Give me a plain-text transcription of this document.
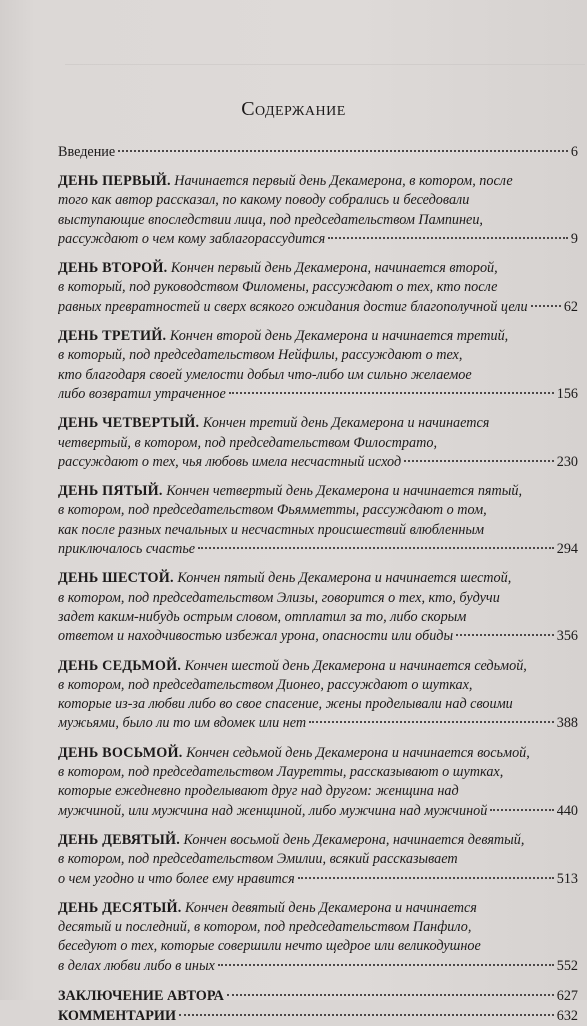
Содержание
Введение	6
ДЕНЬ ПЕРВЫЙ. Начинается первый день Декамерона, в котором, после
того как автор рассказал, по какому поводу собрались и беседовали
выступающие впоследствии лица, под председательством Пампинеи,
рассуждают о чем кому заблагорассудится	9
ДЕНЬ ВТОРОЙ. Кончен первый день Декамерона, начинается второй,
в который, под руководством Филомены, рассуждают о тех, кто после
равных превратностей и сверх всякого ожидания достиг благополучной цели	62
ДЕНЬ ТРЕТИЙ. Кончен второй день Декамерона и начинается третий,
в который, под председательством Нейфилы, рассуждают о тех,
кто благодаря своей умелости добыл что-либо им сильно желаемое
либо возвратил утраченное	156
ДЕНЬ ЧЕТВЕРТЫЙ. Кончен третий день Декамерона и начинается
четвертый, в котором, под председательством Филострато,
рассуждают о тех, чья любовь имела несчастный исход	230
ДЕНЬ ПЯТЫЙ. Кончен четвертый день Декамерона и начинается пятый,
в котором, под председательством Фьямметты, рассуждают о том,
как после разных печальных и несчастных происшествий влюбленным
приключалось счастье	294
ДЕНЬ ШЕСТОЙ. Кончен пятый день Декамерона и начинается шестой,
в котором, под председательством Элизы, говорится о тех, кто, будучи
задет каким-нибудь острым словом, отплатил за то, либо скорым
ответом и находчивостью избежал урона, опасности или обиды	356
ДЕНЬ СЕДЬМОЙ. Кончен шестой день Декамерона и начинается седьмой,
в котором, под председательством Дионео, рассуждают о шутках,
которые из-за любви либо во свое спасение, жены проделывали над своими
мужьями, было ли то им вдомек или нет	388
ДЕНЬ ВОСЬМОЙ. Кончен седьмой день Декамерона и начинается восьмой,
в котором, под председательством Лауретты, рассказывают о шутках,
которые ежедневно проделывают друг над другом: женщина над
мужчиной, или мужчина над женщиной, либо мужчина над мужчиной	440
ДЕНЬ ДЕВЯТЫЙ. Кончен восьмой день Декамерона, начинается девятый,
в котором, под председательством Эмилии, всякий рассказывает
о чем угодно и что более ему нравится	513
ДЕНЬ ДЕСЯТЫЙ. Кончен девятый день Декамерона и начинается
десятый и последний, в котором, под председательством Панфило,
беседуют о тех, которые совершили нечто щедрое или великодушное
в делах любви либо в иных	552
ЗАКЛЮЧЕНИЕ АВТОРА	627
КОММЕНТАРИИ	632
